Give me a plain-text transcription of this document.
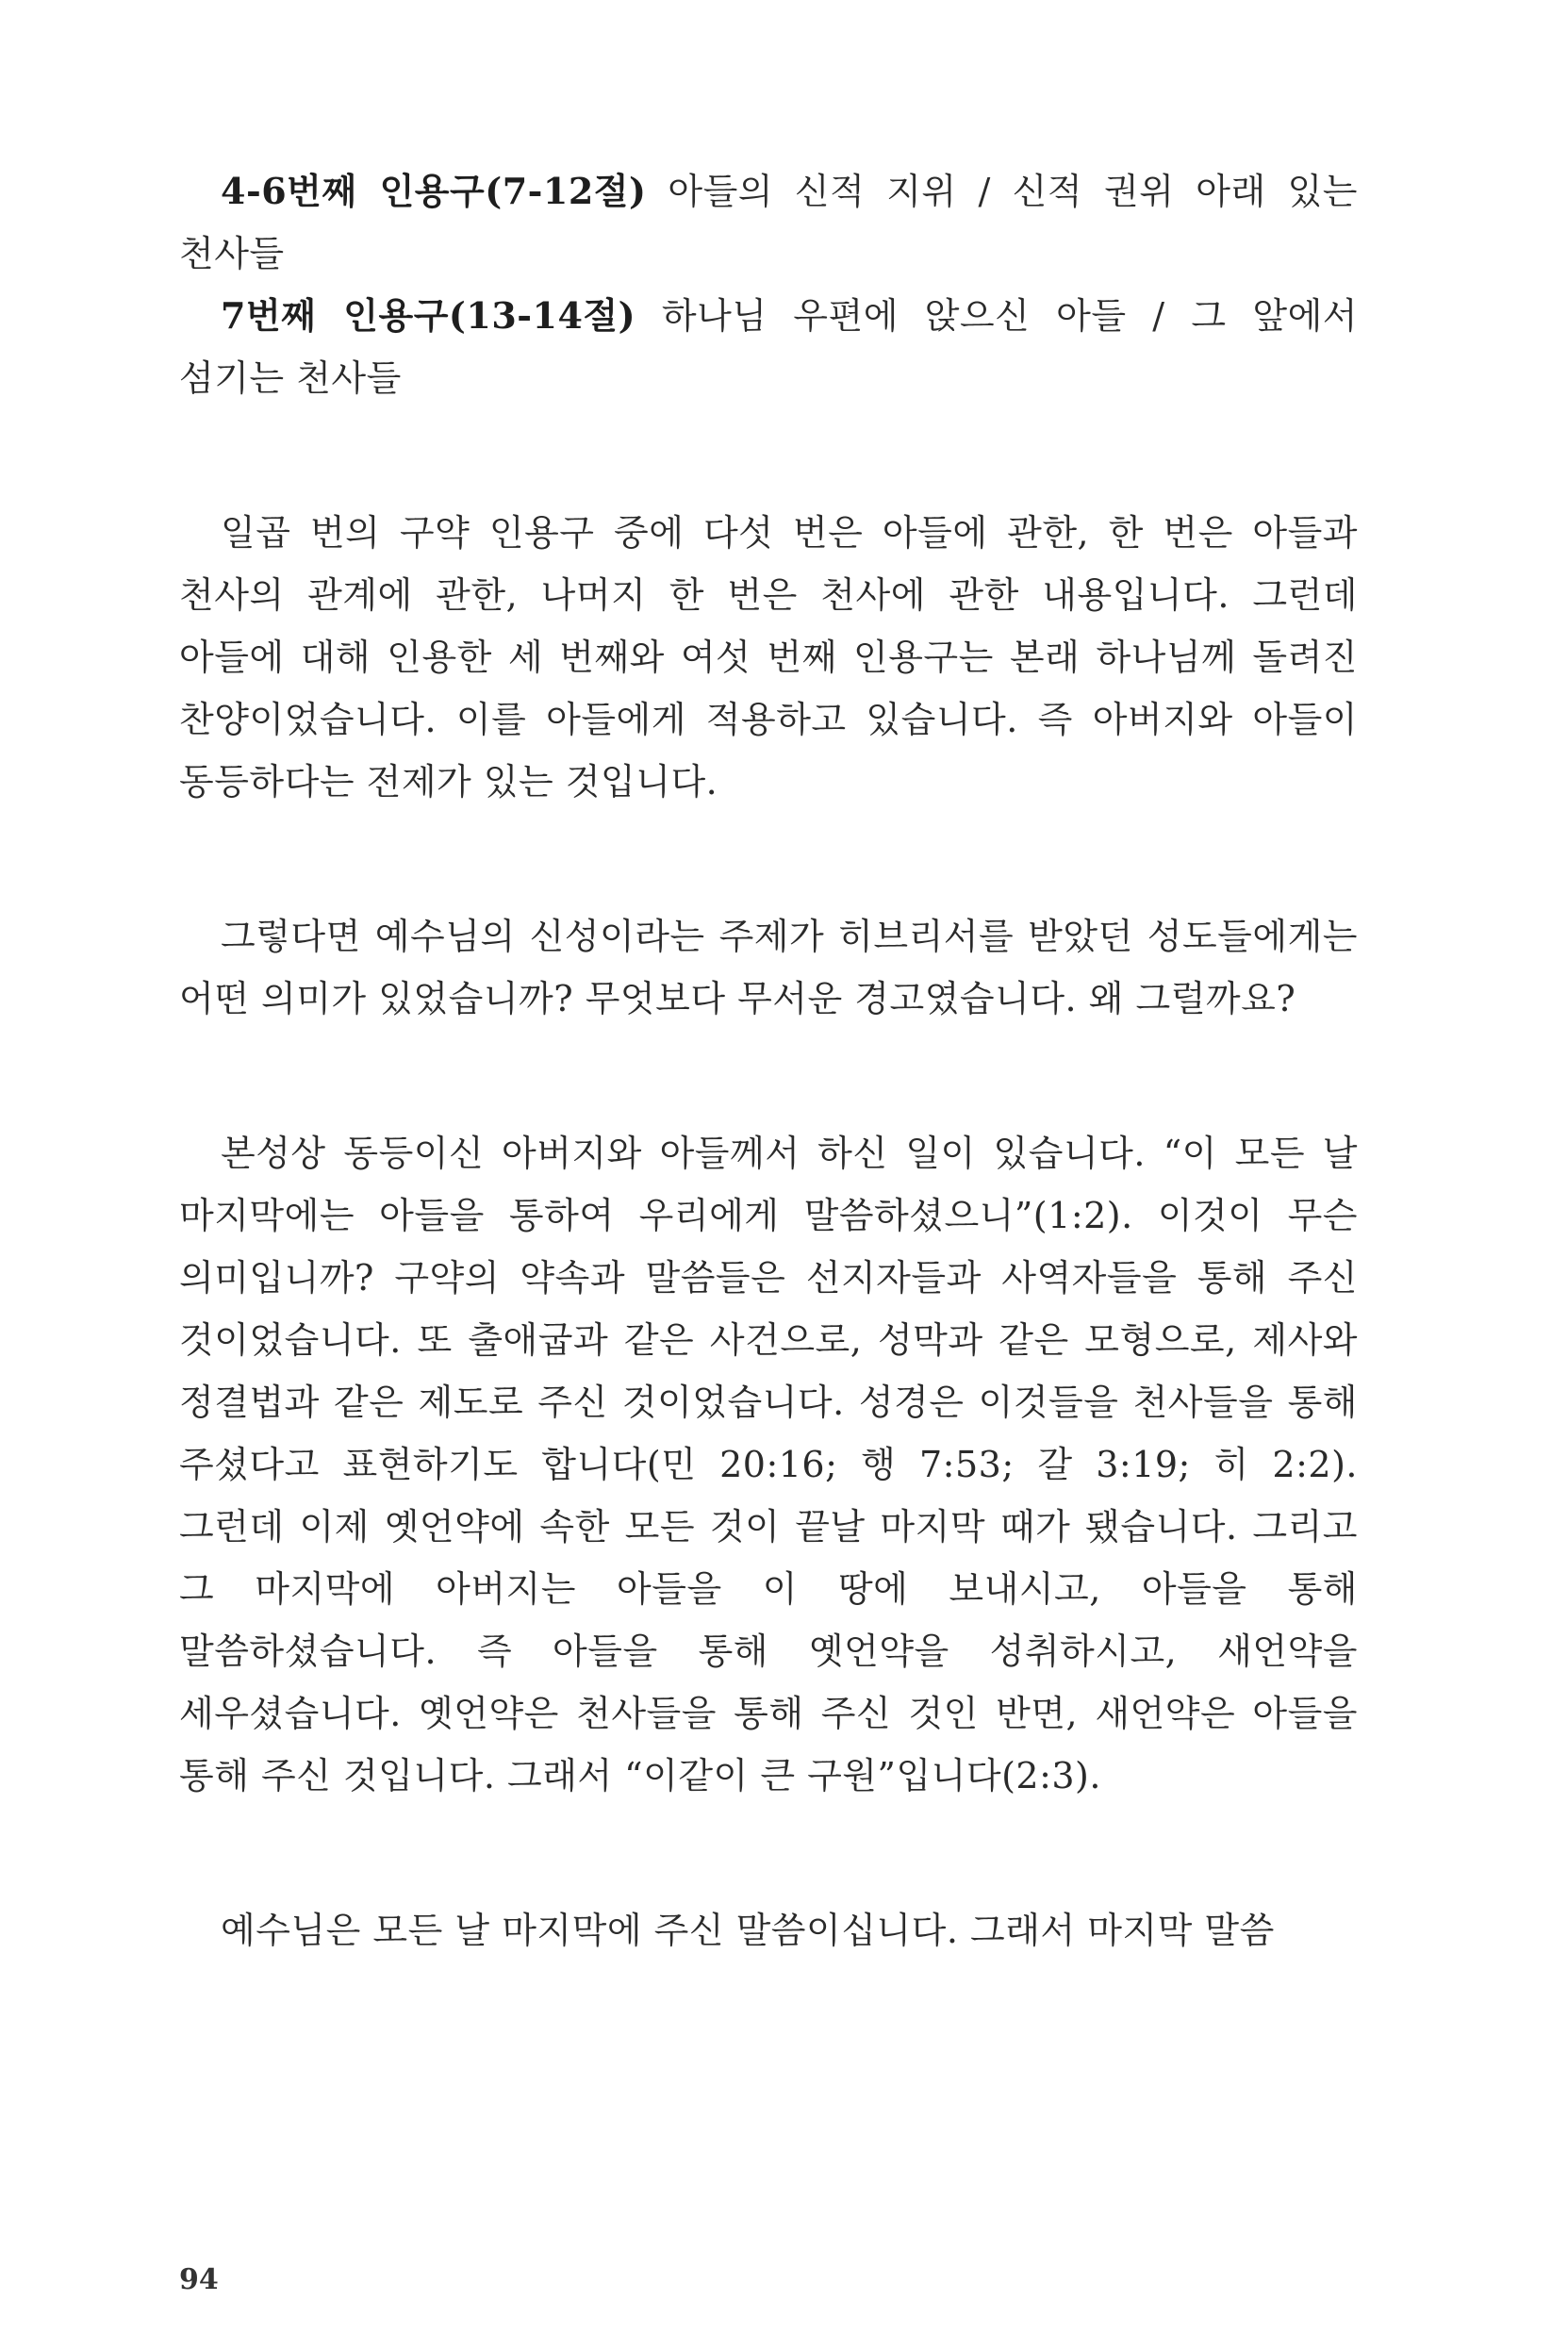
4-6번째 인용구(7-12절) 아들의 신적 지위 / 신적 권위 아래 있는 천사들

7번째 인용구(13-14절) 하나님 우편에 앉으신 아들 / 그 앞에서 섬기는 천사들

일곱 번의 구약 인용구 중에 다섯 번은 아들에 관한, 한 번은 아들과 천사의 관계에 관한, 나머지 한 번은 천사에 관한 내용입니다. 그런데 아들에 대해 인용한 세 번째와 여섯 번째 인용구는 본래 하나님께 돌려진 찬양이었습니다. 이를 아들에게 적용하고 있습니다. 즉 아버지와 아들이 동등하다는 전제가 있는 것입니다.

그렇다면 예수님의 신성이라는 주제가 히브리서를 받았던 성도들에게는 어떤 의미가 있었습니까? 무엇보다 무서운 경고였습니다. 왜 그럴까요?

본성상 동등이신 아버지와 아들께서 하신 일이 있습니다. “이 모든 날 마지막에는 아들을 통하여 우리에게 말씀하셨으니”(1:2). 이것이 무슨 의미입니까? 구약의 약속과 말씀들은 선지자들과 사역자들을 통해 주신 것이었습니다. 또 출애굽과 같은 사건으로, 성막과 같은 모형으로, 제사와 정결법과 같은 제도로 주신 것이었습니다. 성경은 이것들을 천사들을 통해 주셨다고 표현하기도 합니다(민 20:16; 행 7:53; 갈 3:19; 히 2:2). 그런데 이제 옛언약에 속한 모든 것이 끝날 마지막 때가 됐습니다. 그리고 그 마지막에 아버지는 아들을 이 땅에 보내시고, 아들을 통해 말씀하셨습니다. 즉 아들을 통해 옛언약을 성취하시고, 새언약을 세우셨습니다. 옛언약은 천사들을 통해 주신 것인 반면, 새언약은 아들을 통해 주신 것입니다. 그래서 “이같이 큰 구원”입니다(2:3).

예수님은 모든 날 마지막에 주신 말씀이십니다. 그래서 마지막 말씀

94
